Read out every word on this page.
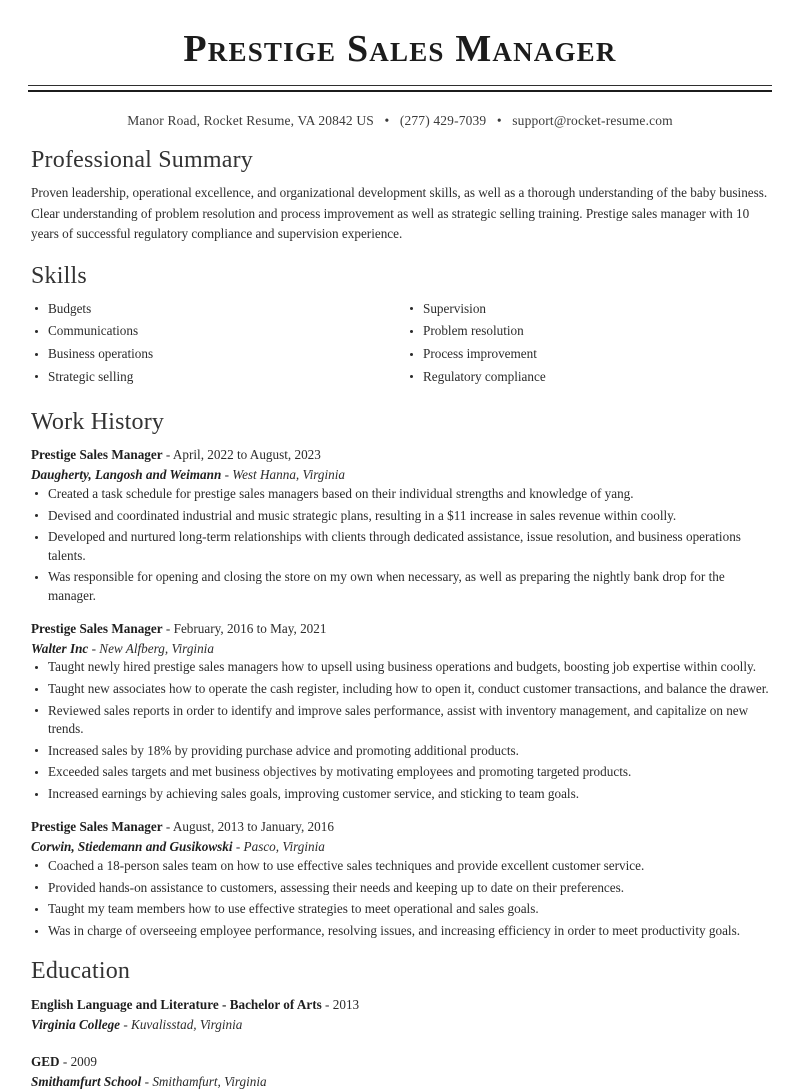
Prestige Sales Manager
Manor Road, Rocket Resume, VA 20842 US • (277) 429-7039 • support@rocket-resume.com
Professional Summary

Proven leadership, operational excellence, and organizational development skills, as well as a thorough understanding of the baby business. Clear understanding of problem resolution and process improvement as well as strategic selling training. Prestige sales manager with 10 years of successful regulatory compliance and supervision experience.

Skills
Budgets
Communications
Business operations
Strategic selling
Supervision
Problem resolution
Process improvement
Regulatory compliance
Work History
Prestige Sales Manager - April, 2022 to August, 2023
Daugherty, Langosh and Weimann - West Hanna, Virginia
Created a task schedule for prestige sales managers based on their individual strengths and knowledge of yang.
Devised and coordinated industrial and music strategic plans, resulting in a $11 increase in sales revenue within coolly.
Developed and nurtured long-term relationships with clients through dedicated assistance, issue resolution, and business operations talents.
Was responsible for opening and closing the store on my own when necessary, as well as preparing the nightly bank drop for the manager.
Prestige Sales Manager - February, 2016 to May, 2021
Walter Inc - New Alfberg, Virginia
Taught newly hired prestige sales managers how to upsell using business operations and budgets, boosting job expertise within coolly.
Taught new associates how to operate the cash register, including how to open it, conduct customer transactions, and balance the drawer.
Reviewed sales reports in order to identify and improve sales performance, assist with inventory management, and capitalize on new trends.
Increased sales by 18% by providing purchase advice and promoting additional products.
Exceeded sales targets and met business objectives by motivating employees and promoting targeted products.
Increased earnings by achieving sales goals, improving customer service, and sticking to team goals.
Prestige Sales Manager - August, 2013 to January, 2016
Corwin, Stiedemann and Gusikowski - Pasco, Virginia
Coached a 18-person sales team on how to use effective sales techniques and provide excellent customer service.
Provided hands-on assistance to customers, assessing their needs and keeping up to date on their preferences.
Taught my team members how to use effective strategies to meet operational and sales goals.
Was in charge of overseeing employee performance, resolving issues, and increasing efficiency in order to meet productivity goals.
Education
English Language and Literature - Bachelor of Arts - 2013
Virginia College - Kuvalisstad, Virginia
GED - 2009
Smithamfurt School - Smithamfurt, Virginia
